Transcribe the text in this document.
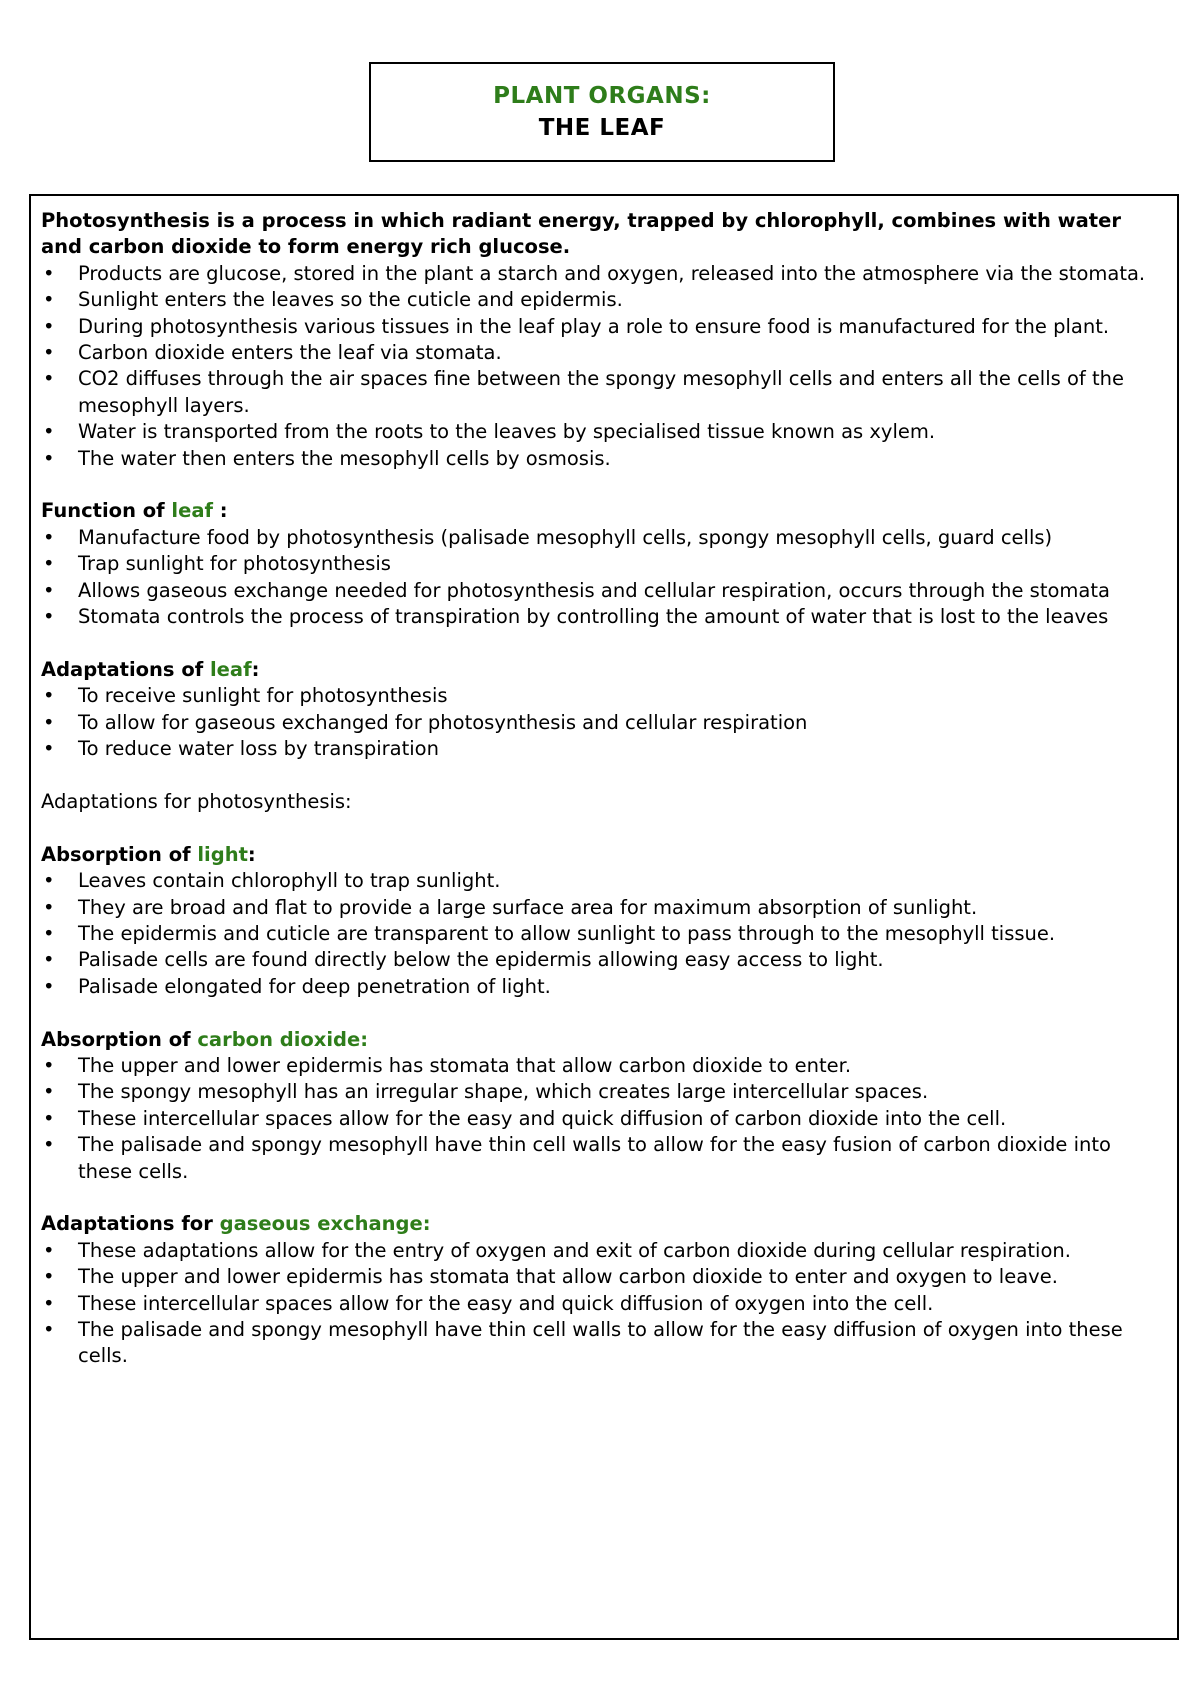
PLANT ORGANS:
THE LEAF

Photosynthesis is a process in which radiant energy, trapped by chlorophyll, combines with water and carbon dioxide to form energy rich glucose.

• Products are glucose, stored in the plant a starch and oxygen, released into the atmosphere via the stomata.
• Sunlight enters the leaves so the cuticle and epidermis.
• During photosynthesis various tissues in the leaf play a role to ensure food is manufactured for the plant.
• Carbon dioxide enters the leaf via stomata.
• CO2 diffuses through the air spaces fine between the spongy mesophyll cells and enters all the cells of the mesophyll layers.
• Water is transported from the roots to the leaves by specialised tissue known as xylem.
• The water then enters the mesophyll cells by osmosis.

Function of leaf :

• Manufacture food by photosynthesis (palisade mesophyll cells, spongy mesophyll cells, guard cells)
• Trap sunlight for photosynthesis
• Allows gaseous exchange needed for photosynthesis and cellular respiration, occurs through the stomata
• Stomata controls the process of transpiration by controlling the amount of water that is lost to the leaves

Adaptations of leaf:

• To receive sunlight for photosynthesis
• To allow for gaseous exchanged for photosynthesis and cellular respiration
• To reduce water loss by transpiration

Adaptations for photosynthesis:

Absorption of light:

• Leaves contain chlorophyll to trap sunlight.
• They are broad and flat to provide a large surface area for maximum absorption of sunlight.
• The epidermis and cuticle are transparent to allow sunlight to pass through to the mesophyll tissue.
• Palisade cells are found directly below the epidermis allowing easy access to light.
• Palisade elongated for deep penetration of light.

Absorption of carbon dioxide:

• The upper and lower epidermis has stomata that allow carbon dioxide to enter.
• The spongy mesophyll has an irregular shape, which creates large intercellular spaces.
• These intercellular spaces allow for the easy and quick diffusion of carbon dioxide into the cell.
• The palisade and spongy mesophyll have thin cell walls to allow for the easy fusion of carbon dioxide into these cells.

Adaptations for gaseous exchange:

• These adaptations allow for the entry of oxygen and exit of carbon dioxide during cellular respiration.
• The upper and lower epidermis has stomata that allow carbon dioxide to enter and oxygen to leave.
• These intercellular spaces allow for the easy and quick diffusion of oxygen into the cell.
• The palisade and spongy mesophyll have thin cell walls to allow for the easy diffusion of oxygen into these cells.
